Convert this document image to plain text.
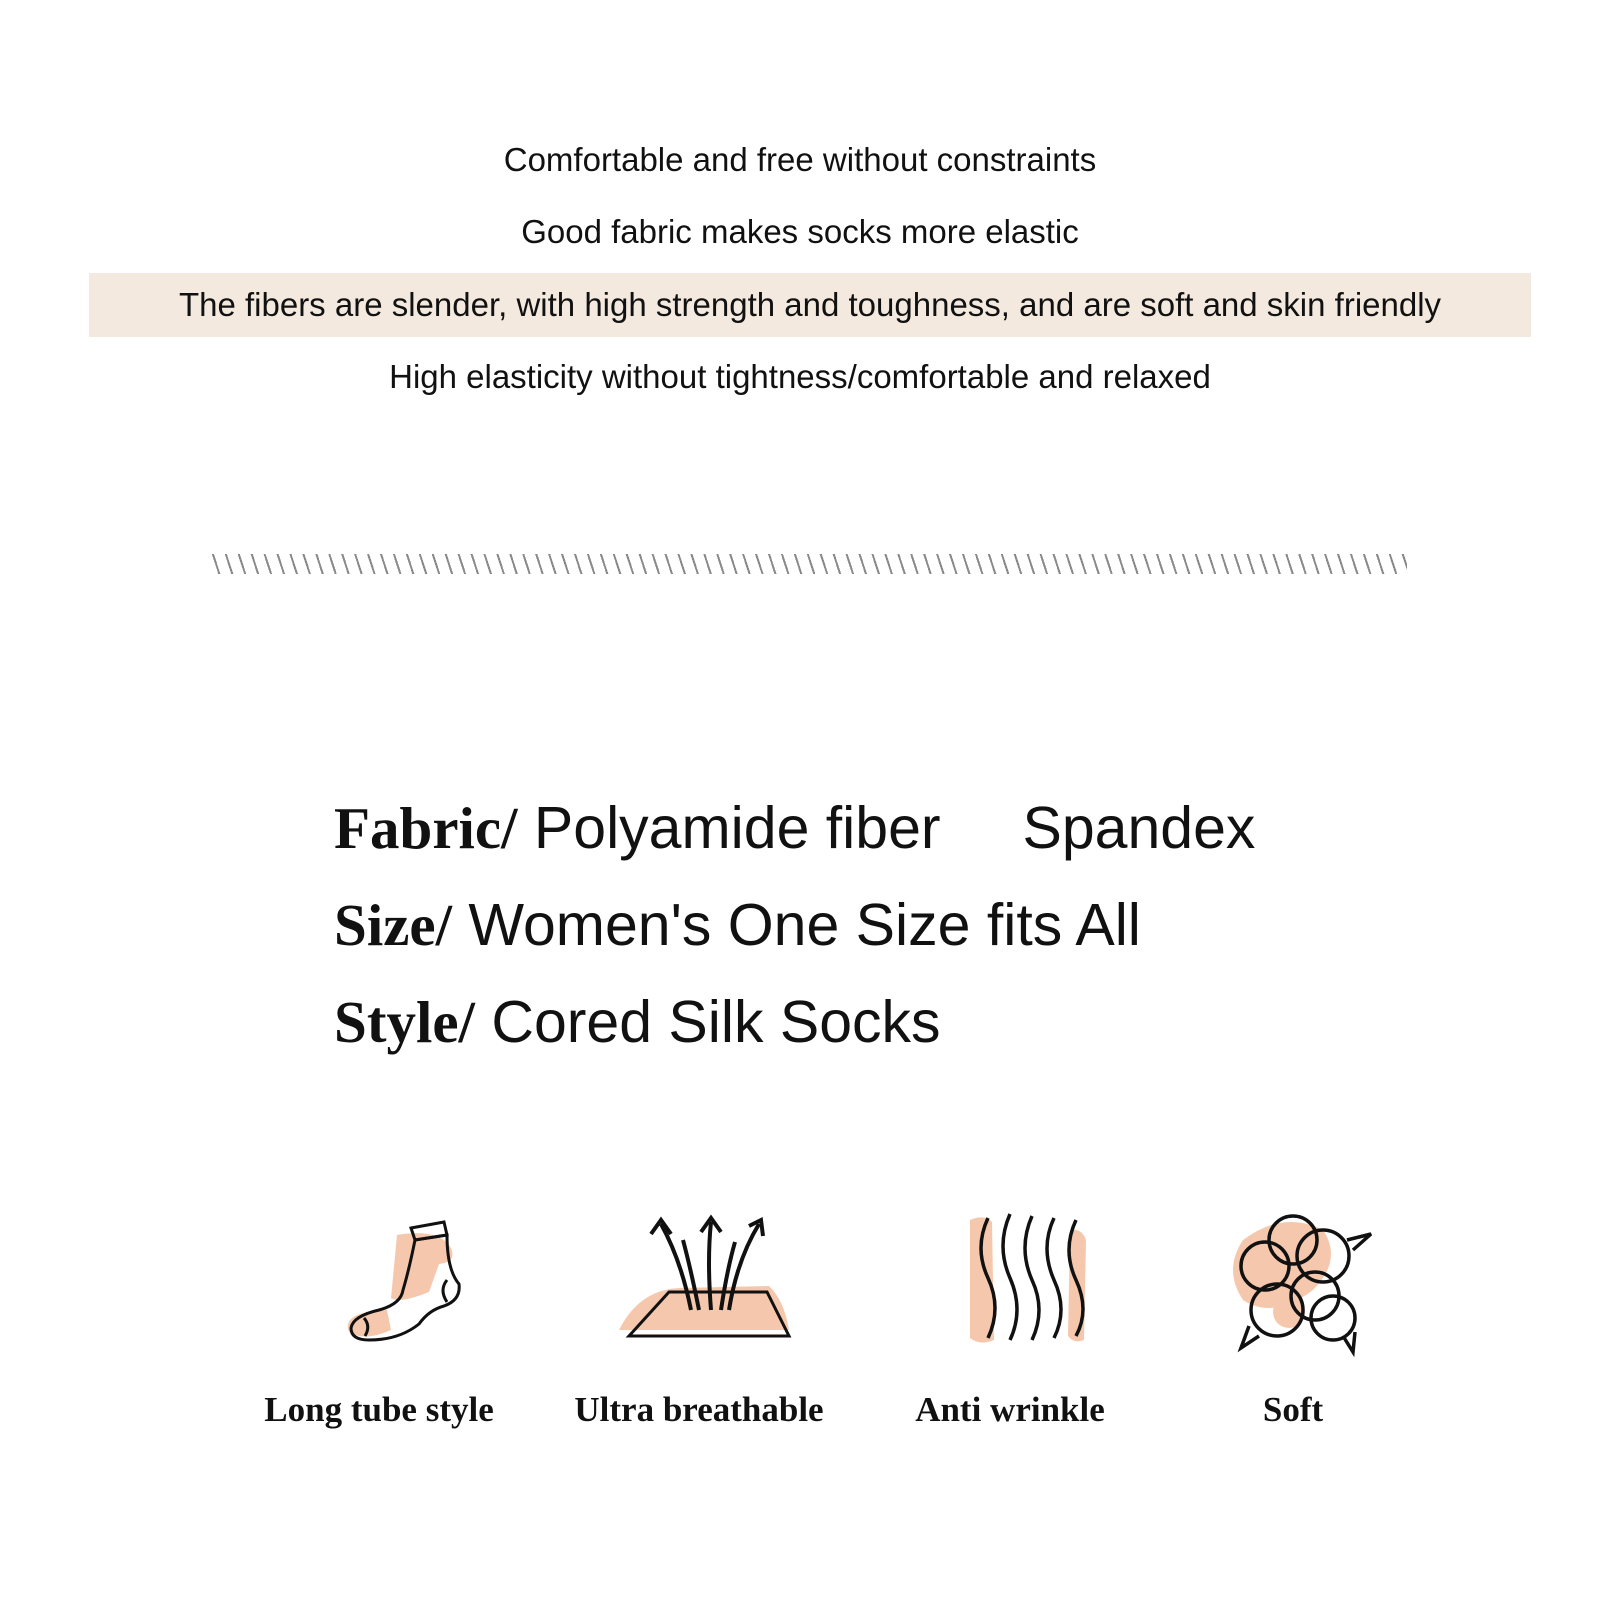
Comfortable and free without constraints
Good fabric makes socks more elastic
The fibers are slender, with high strength and toughness, and are soft and skin friendly
High elasticity without tightness/comfortable and relaxed
Fabric/ Polyamide fiber     Spandex
Size/ Women's One Size fits All
Style/ Cored Silk Socks
Long tube style	Ultra breathable	Anti wrinkle	Soft
